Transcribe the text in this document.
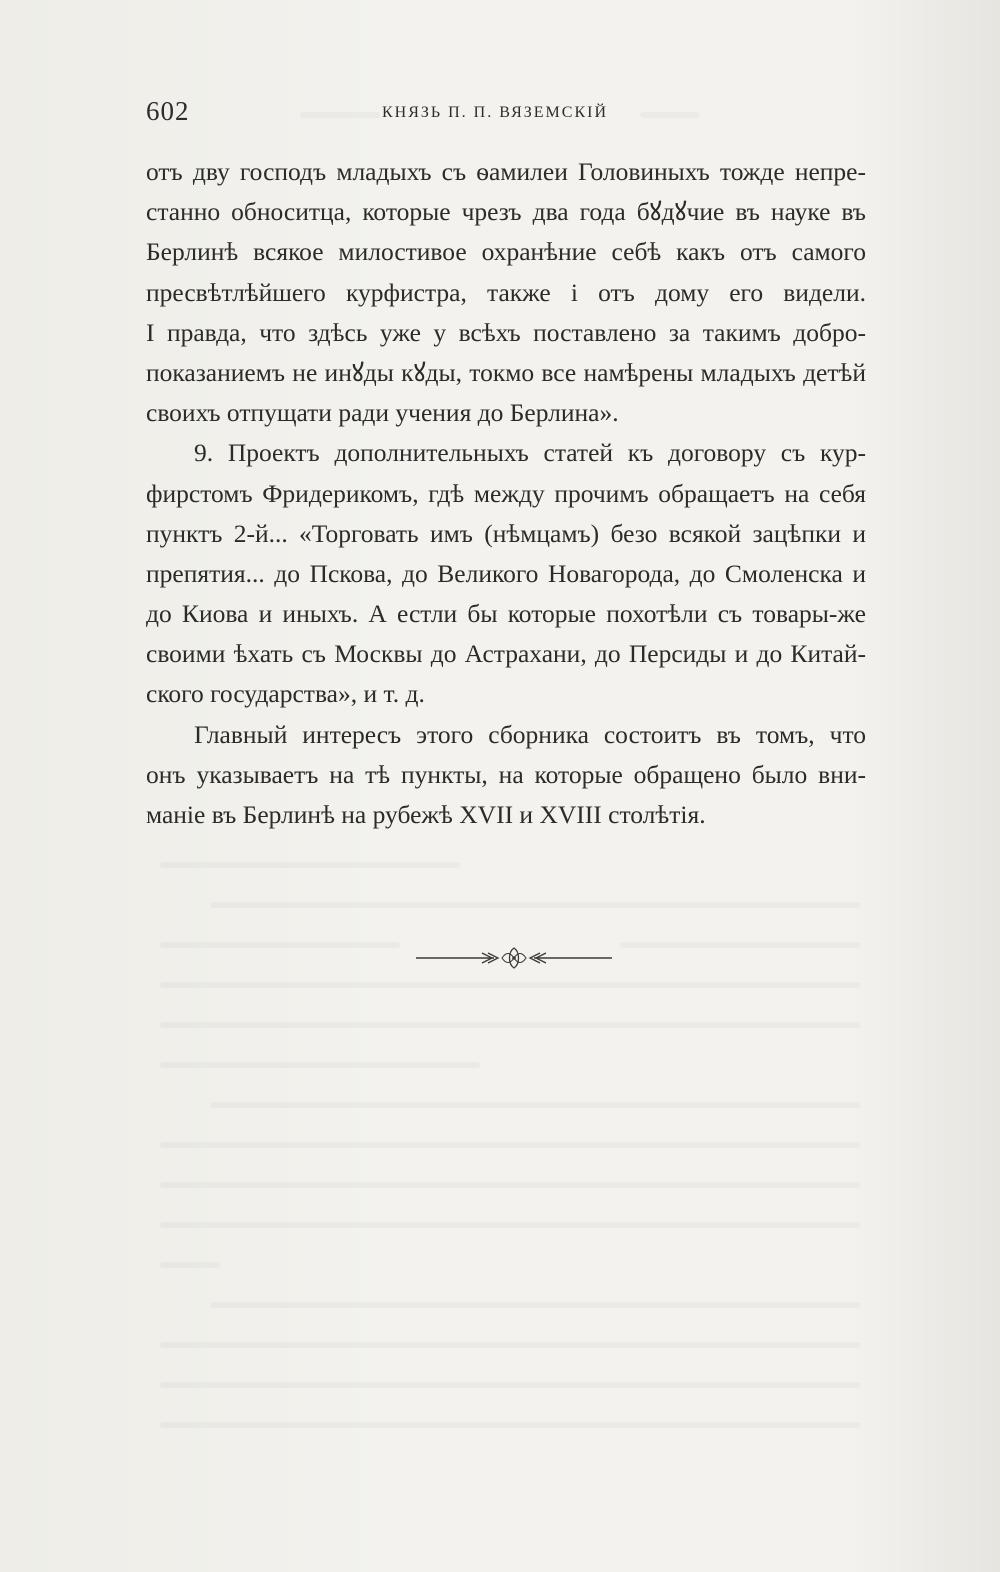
602	КНЯЗЬ П. П. ВЯЗЕМСКІЙ
отъ дву господъ младыхъ съ ѳамилеи Головиныхъ тожде непре-
станно обноситца, которые чрезъ два года бꙋдꙋчие въ науке въ
Берлинѣ всякое милостивое охранѣние себѣ какъ отъ самого
пресвѣтлѣйшего курфистра, также і отъ дому его видели.
І правда, что здѣсь уже у всѣхъ поставлено за такимъ добро-
показаниемъ не инꙋды кꙋды, токмо все намѣрены младыхъ детѣй
своихъ отпущати ради учения до Берлина».
9. Проектъ дополнительныхъ статей къ договору съ кур-
фирстомъ Фридерикомъ, гдѣ между прочимъ обращаетъ на себя
пунктъ 2-й... «Торговать имъ (нѣмцамъ) безо всякой зацѣпки и
препятия... до Пскова, до Великого Новагорода, до Смоленска и
до Киова и иныхъ. А естли бы которые похотѣли съ товары-же
своими ѣхать съ Москвы до Астрахани, до Персиды и до Китай-
ского государства», и т. д.
Главный интересъ этого сборника состоитъ въ томъ, что
онъ указываетъ на тѣ пункты, на которые обращено было вни-
манiе въ Берлинѣ на рубежѣ XVII и XVIII столѣтiя.
